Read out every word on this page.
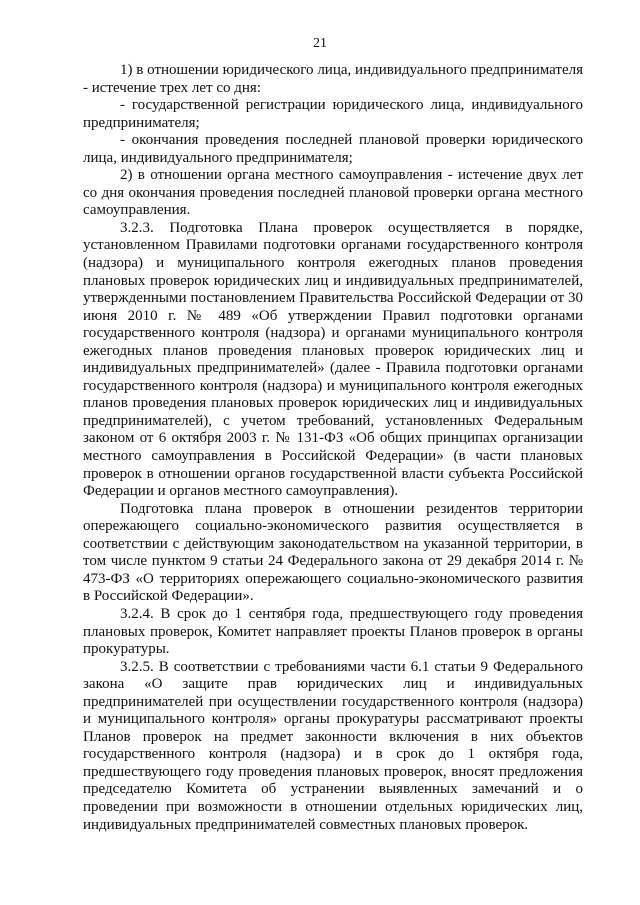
21

1) в отношении юридического лица, индивидуального предпринимателя - истечение трех лет со дня:

- государственной регистрации юридического лица, индивидуального предпринимателя;

- окончания проведения последней плановой проверки юридического лица, индивидуального предпринимателя;

2) в отношении органа местного самоуправления - истечение двух лет со дня окончания проведения последней плановой проверки органа местного самоуправления.

3.2.3. Подготовка Плана проверок осуществляется в порядке, установленном Правилами подготовки органами государственного контроля (надзора) и муниципального контроля ежегодных планов проведения плановых проверок юридических лиц и индивидуальных предпринимателей, утвержденными постановлением Правительства Российской Федерации от 30 июня 2010 г. № 489 «Об утверждении Правил подготовки органами государственного контроля (надзора) и органами муниципального контроля ежегодных планов проведения плановых проверок юридических лиц и индивидуальных предпринимателей» (далее - Правила подготовки органами государственного контроля (надзора) и муниципального контроля ежегодных планов проведения плановых проверок юридических лиц и индивидуальных предпринимателей), с учетом требований, установленных Федеральным законом от 6 октября 2003 г. № 131-ФЗ «Об общих принципах организации местного самоуправления в Российской Федерации» (в части плановых проверок в отношении органов государственной власти субъекта Российской Федерации и органов местного самоуправления).

Подготовка плана проверок в отношении резидентов территории опережающего социально-экономического развития осуществляется в соответствии с действующим законодательством на указанной территории, в том числе пунктом 9 статьи 24 Федерального закона от 29 декабря 2014 г. № 473-ФЗ «О территориях опережающего социально-экономического развития в Российской Федерации».

3.2.4. В срок до 1 сентября года, предшествующего году проведения плановых проверок, Комитет направляет проекты Планов проверок в органы прокуратуры.

3.2.5. В соответствии с требованиями части 6.1 статьи 9 Федерального закона «О защите прав юридических лиц и индивидуальных предпринимателей при осуществлении государственного контроля (надзора) и муниципального контроля» органы прокуратуры рассматривают проекты Планов проверок на предмет законности включения в них объектов государственного контроля (надзора) и в срок до 1 октября года, предшествующего году проведения плановых проверок, вносят предложения председателю Комитета об устранении выявленных замечаний и о проведении при возможности в отношении отдельных юридических лиц, индивидуальных предпринимателей совместных плановых проверок.
